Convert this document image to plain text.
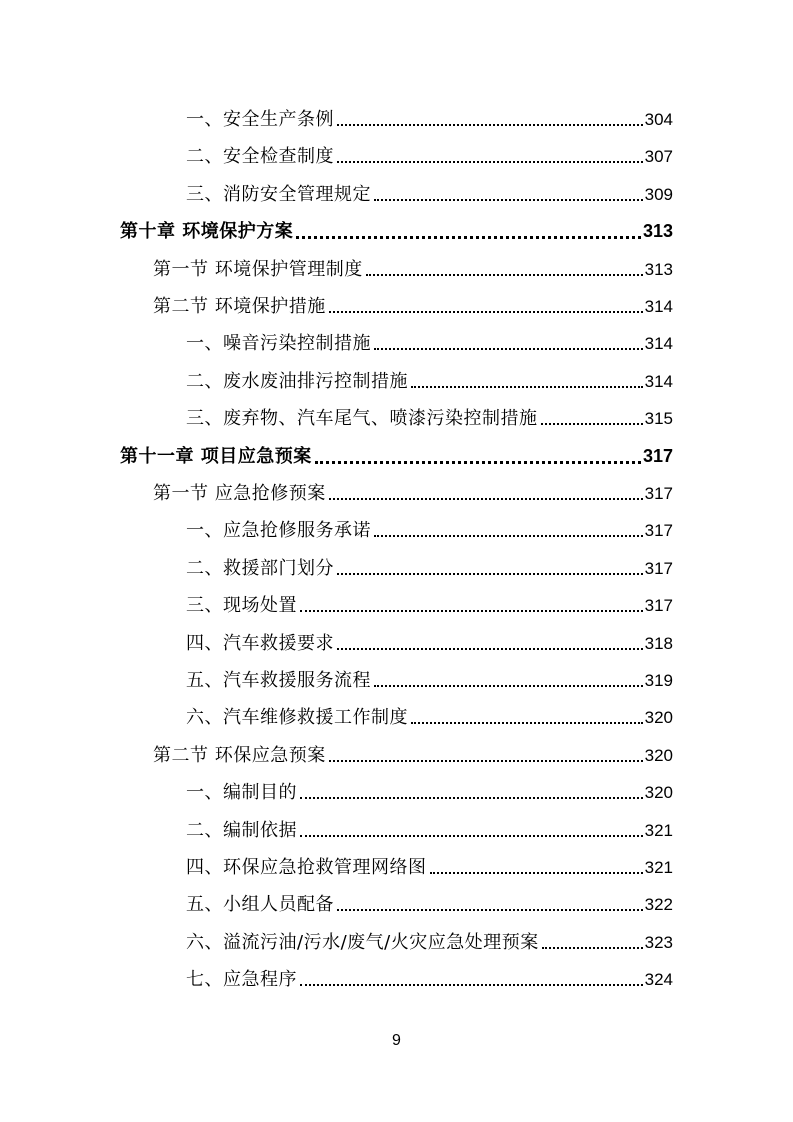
一、安全生产条例	304
二、安全检查制度	307
三、消防安全管理规定	309
第十章 环境保护方案	313
第一节 环境保护管理制度	313
第二节 环境保护措施	314
一、噪音污染控制措施	314
二、废水废油排污控制措施	314
三、废弃物、汽车尾气、喷漆污染控制措施	315
第十一章 项目应急预案	317
第一节 应急抢修预案	317
一、应急抢修服务承诺	317
二、救援部门划分	317
三、现场处置	317
四、汽车救援要求	318
五、汽车救援服务流程	319
六、汽车维修救援工作制度	320
第二节 环保应急预案	320
一、编制目的	320
二、编制依据	321
四、环保应急抢救管理网络图	321
五、小组人员配备	322
六、溢流污油/污水/废气/火灾应急处理预案	323
七、应急程序	324
9
